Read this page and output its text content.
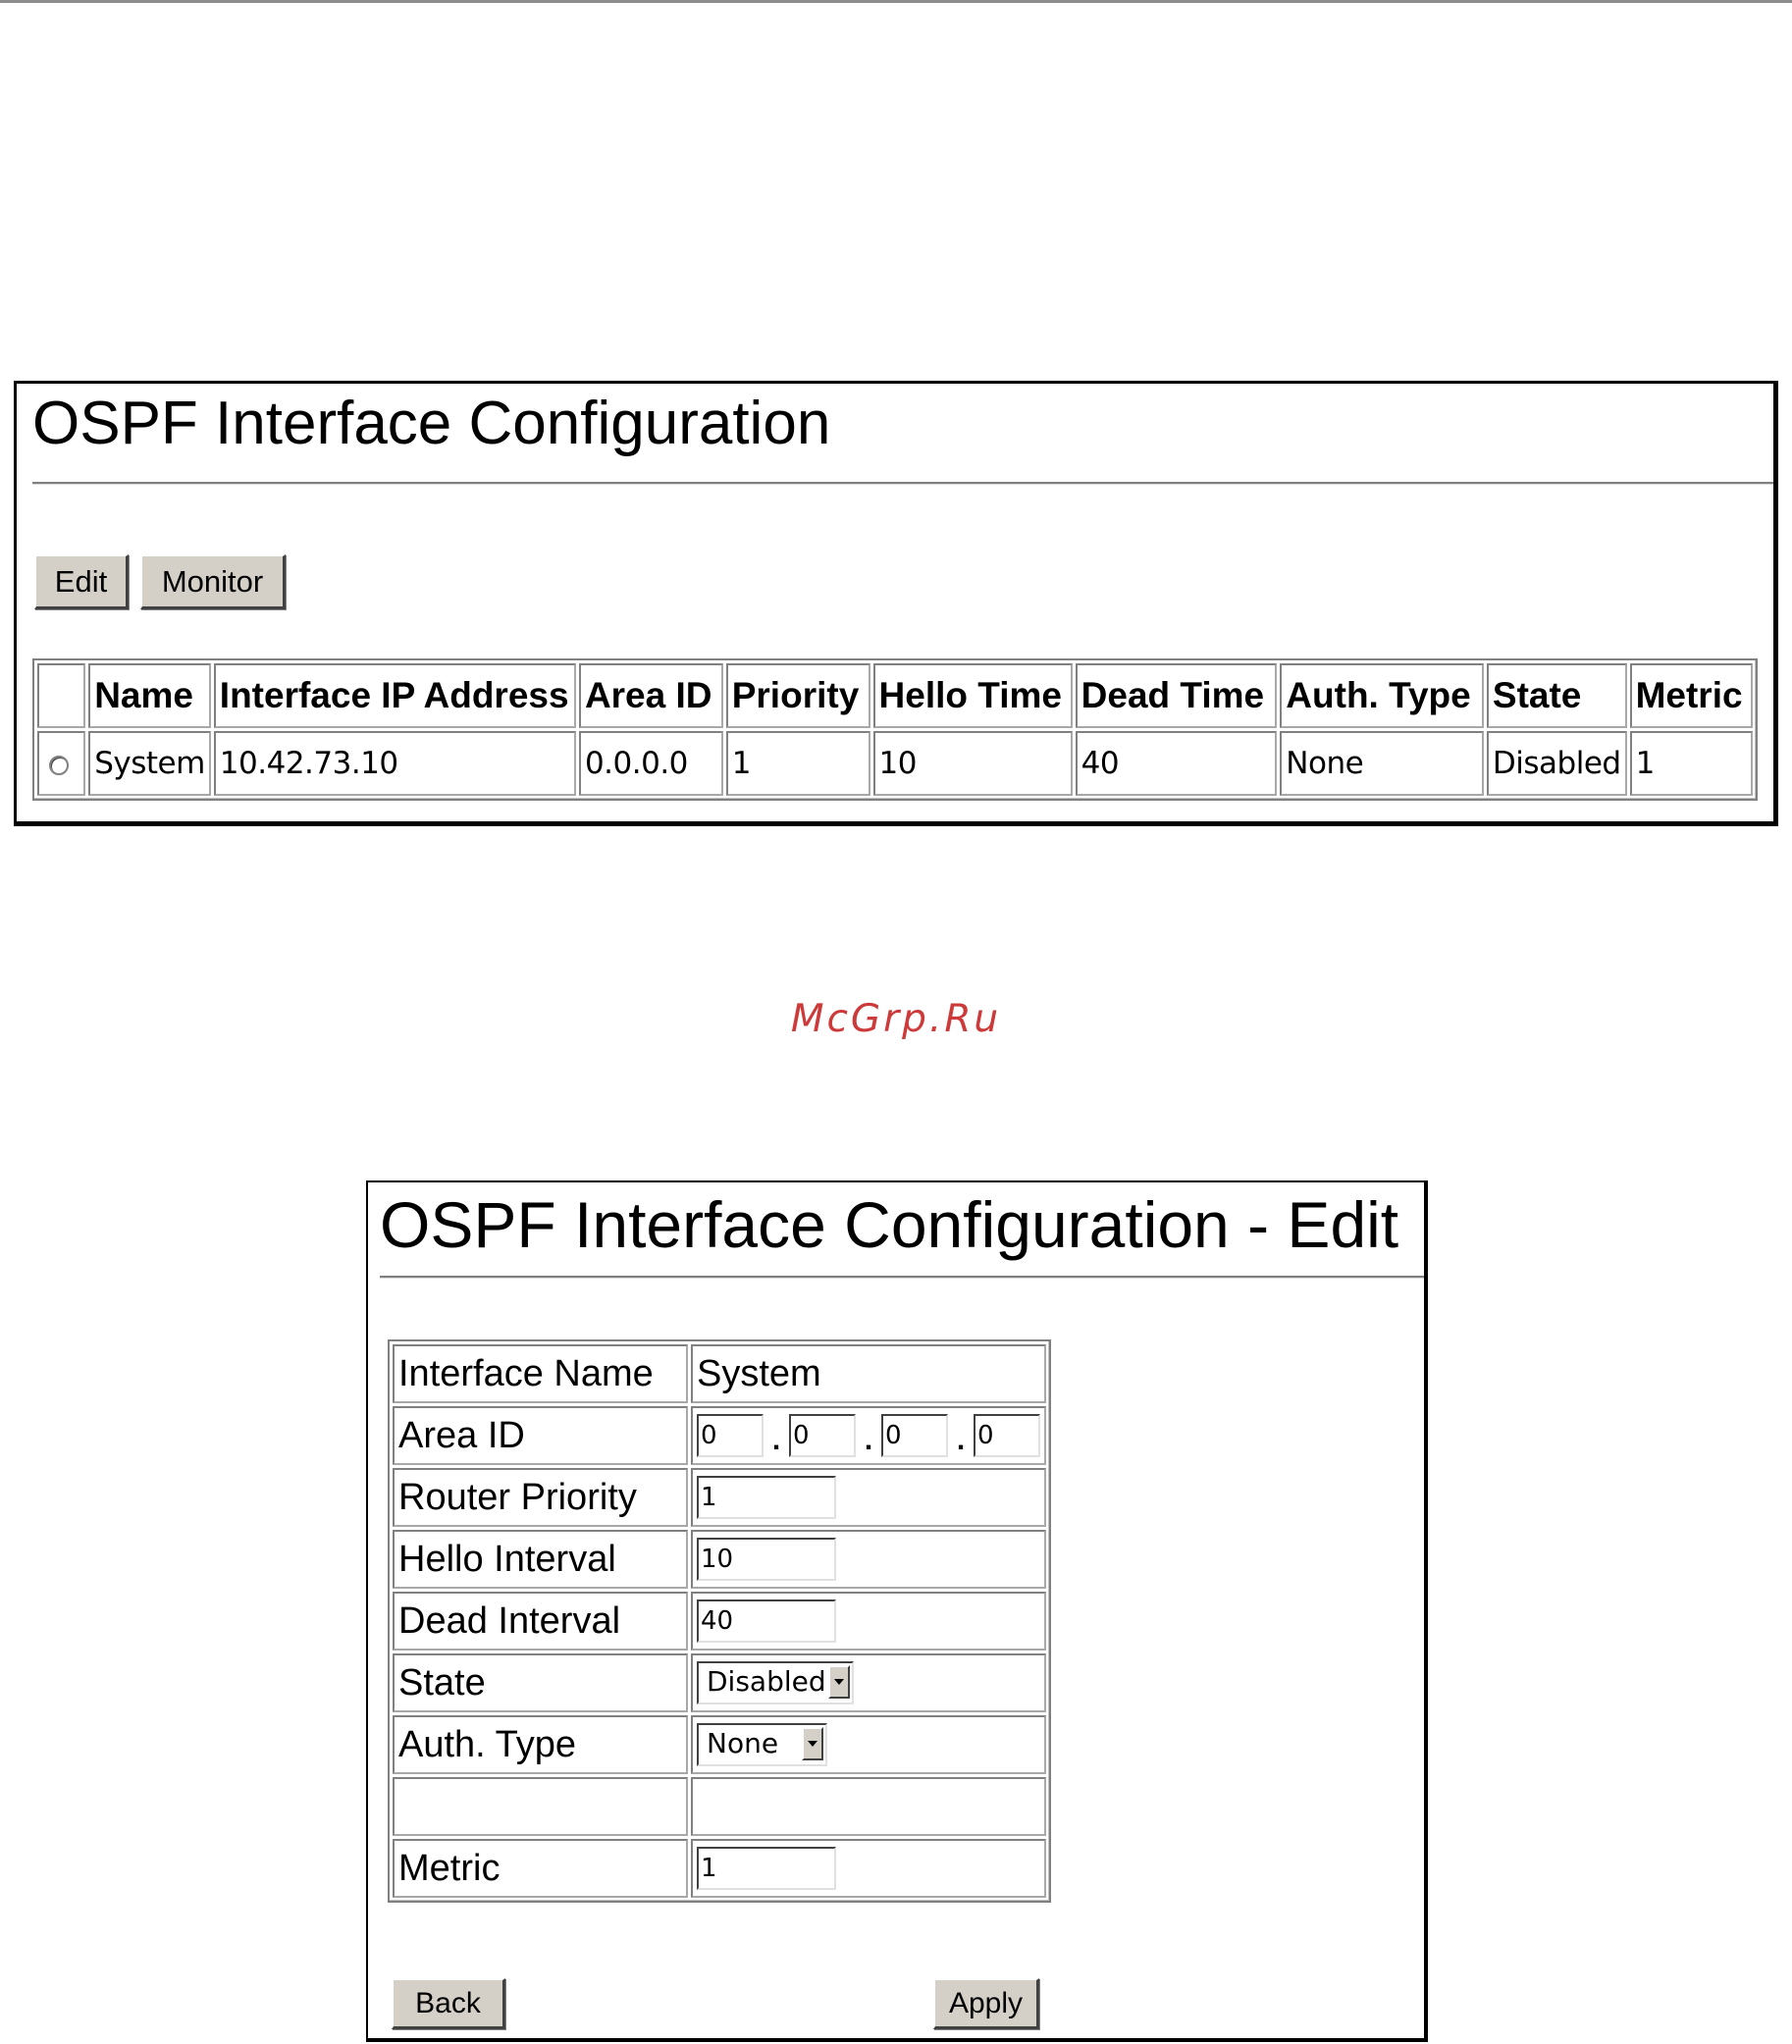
OSPF Interface Configuration
Edit	Monitor
	Name	Interface IP Address	Area ID	Priority	Hello Time	Dead Time	Auth. Type	State	Metric
	System	10.42.73.10	0.0.0.0	1	10	40	None	Disabled	1
McGrp.Ru
OSPF Interface Configuration - Edit
Interface Name	System
Area ID	0.0 .0 .0
Router Priority	1
Hello Interval	10
Dead Interval	40
State	Disabled

Auth. Type	None

Metric	1
Back	Apply
